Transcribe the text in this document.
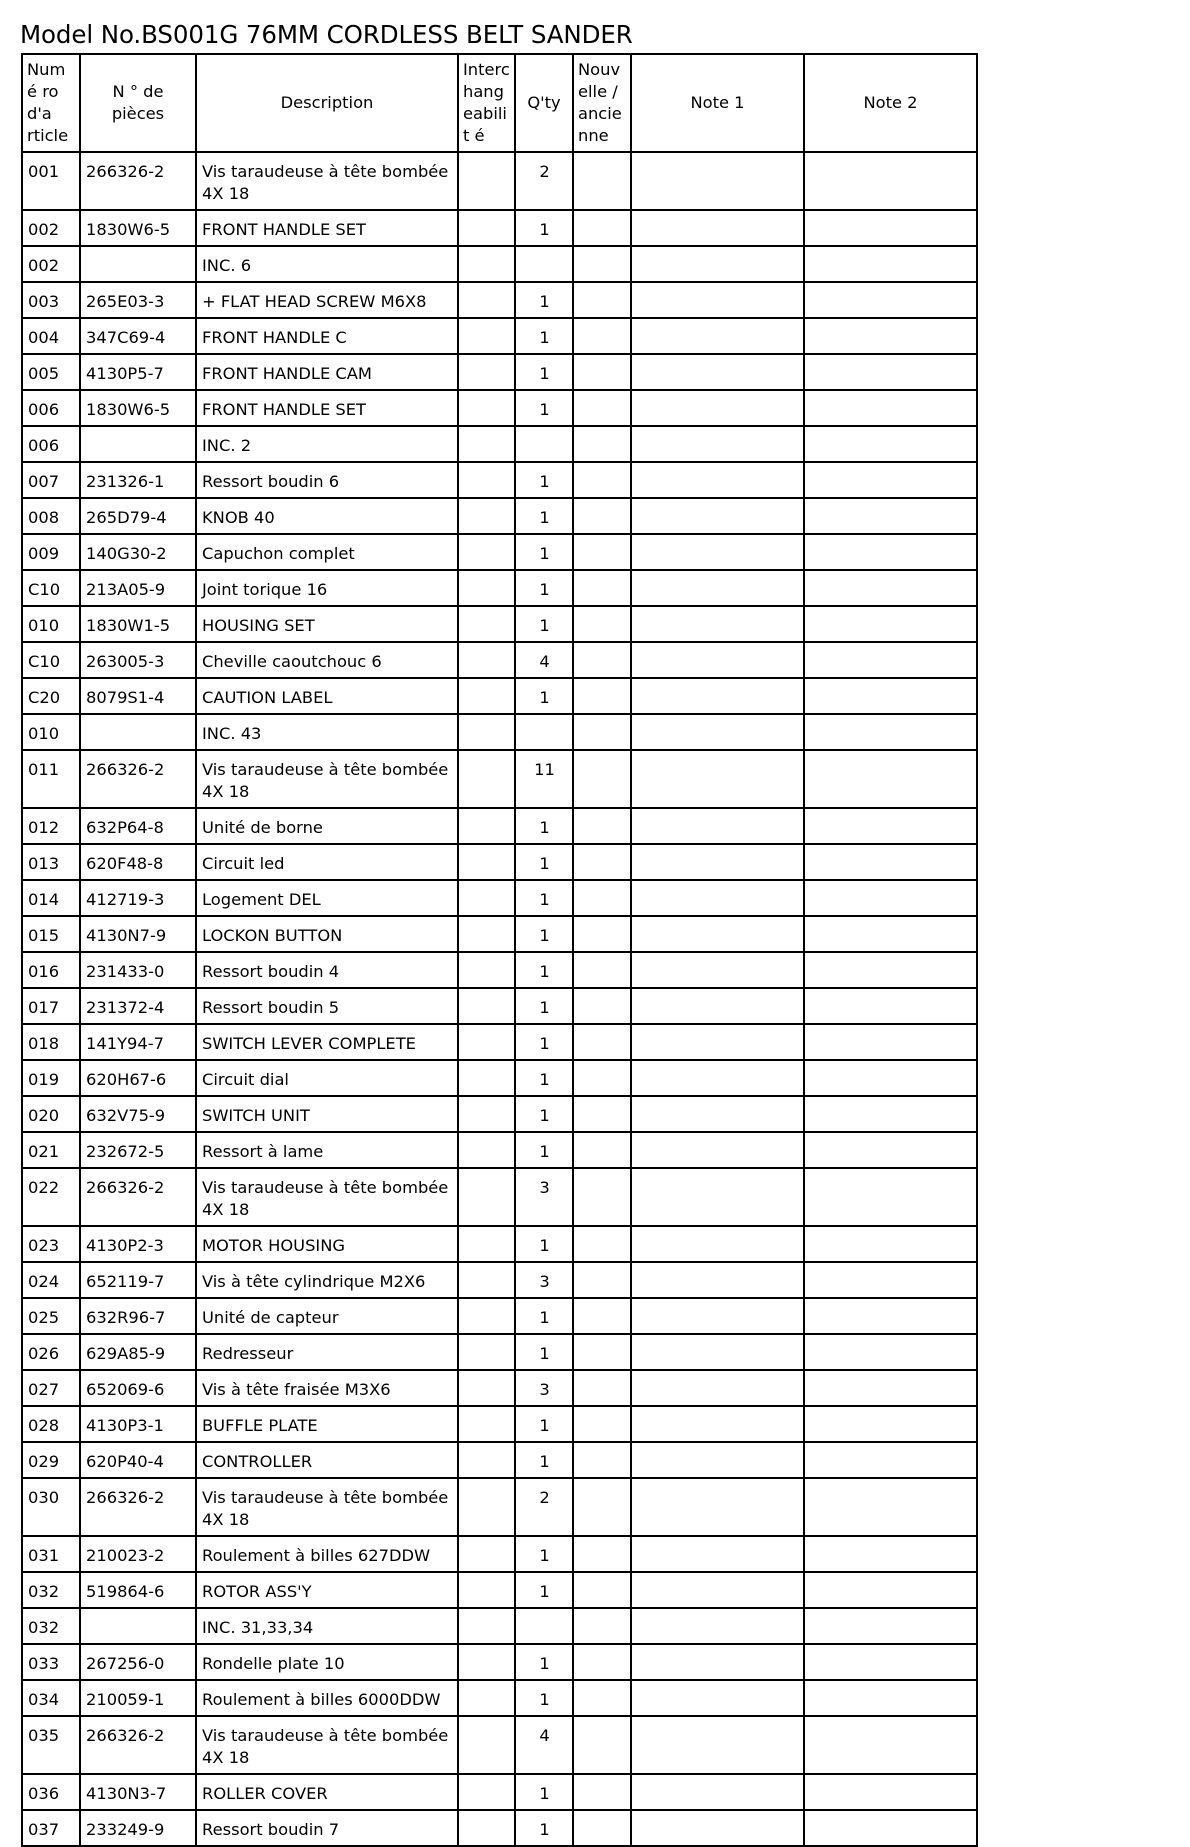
Model No.BS001G 76MM CORDLESS BELT SANDER
Numé ro d'a rticle	N ° de pièces	Description	Interc hang eabilit é	Q'ty	Nouv elle / ancie nne	Note 1	Note 2
001	266326-2	Vis taraudeuse à tête bombée 4X 18		2			
002	1830W6-5	FRONT HANDLE SET		1			
002		INC. 6					
003	265E03-3	+ FLAT HEAD SCREW M6X8		1			
004	347C69-4	FRONT HANDLE C		1			
005	4130P5-7	FRONT HANDLE CAM		1			
006	1830W6-5	FRONT HANDLE SET		1			
006		INC. 2					
007	231326-1	Ressort boudin 6		1			
008	265D79-4	KNOB 40		1			
009	140G30-2	Capuchon complet		1			
C10	213A05-9	Joint torique 16		1			
010	1830W1-5	HOUSING SET		1			
C10	263005-3	Cheville caoutchouc 6		4			
C20	8079S1-4	CAUTION LABEL		1			
010		INC. 43					
011	266326-2	Vis taraudeuse à tête bombée 4X 18		11			
012	632P64-8	Unité de borne		1			
013	620F48-8	Circuit led		1			
014	412719-3	Logement DEL		1			
015	4130N7-9	LOCKON BUTTON		1			
016	231433-0	Ressort boudin 4		1			
017	231372-4	Ressort boudin 5		1			
018	141Y94-7	SWITCH LEVER COMPLETE		1			
019	620H67-6	Circuit dial		1			
020	632V75-9	SWITCH UNIT		1			
021	232672-5	Ressort à lame		1			
022	266326-2	Vis taraudeuse à tête bombée 4X 18		3			
023	4130P2-3	MOTOR HOUSING		1			
024	652119-7	Vis à tête cylindrique M2X6		3			
025	632R96-7	Unité de capteur		1			
026	629A85-9	Redresseur		1			
027	652069-6	Vis à tête fraisée M3X6		3			
028	4130P3-1	BUFFLE PLATE		1			
029	620P40-4	CONTROLLER		1			
030	266326-2	Vis taraudeuse à tête bombée 4X 18		2			
031	210023-2	Roulement à billes 627DDW		1			
032	519864-6	ROTOR ASS'Y		1			
032		INC. 31,33,34					
033	267256-0	Rondelle plate 10		1			
034	210059-1	Roulement à billes 6000DDW		1			
035	266326-2	Vis taraudeuse à tête bombée 4X 18		4			
036	4130N3-7	ROLLER COVER		1			
037	233249-9	Ressort boudin 7		1			
